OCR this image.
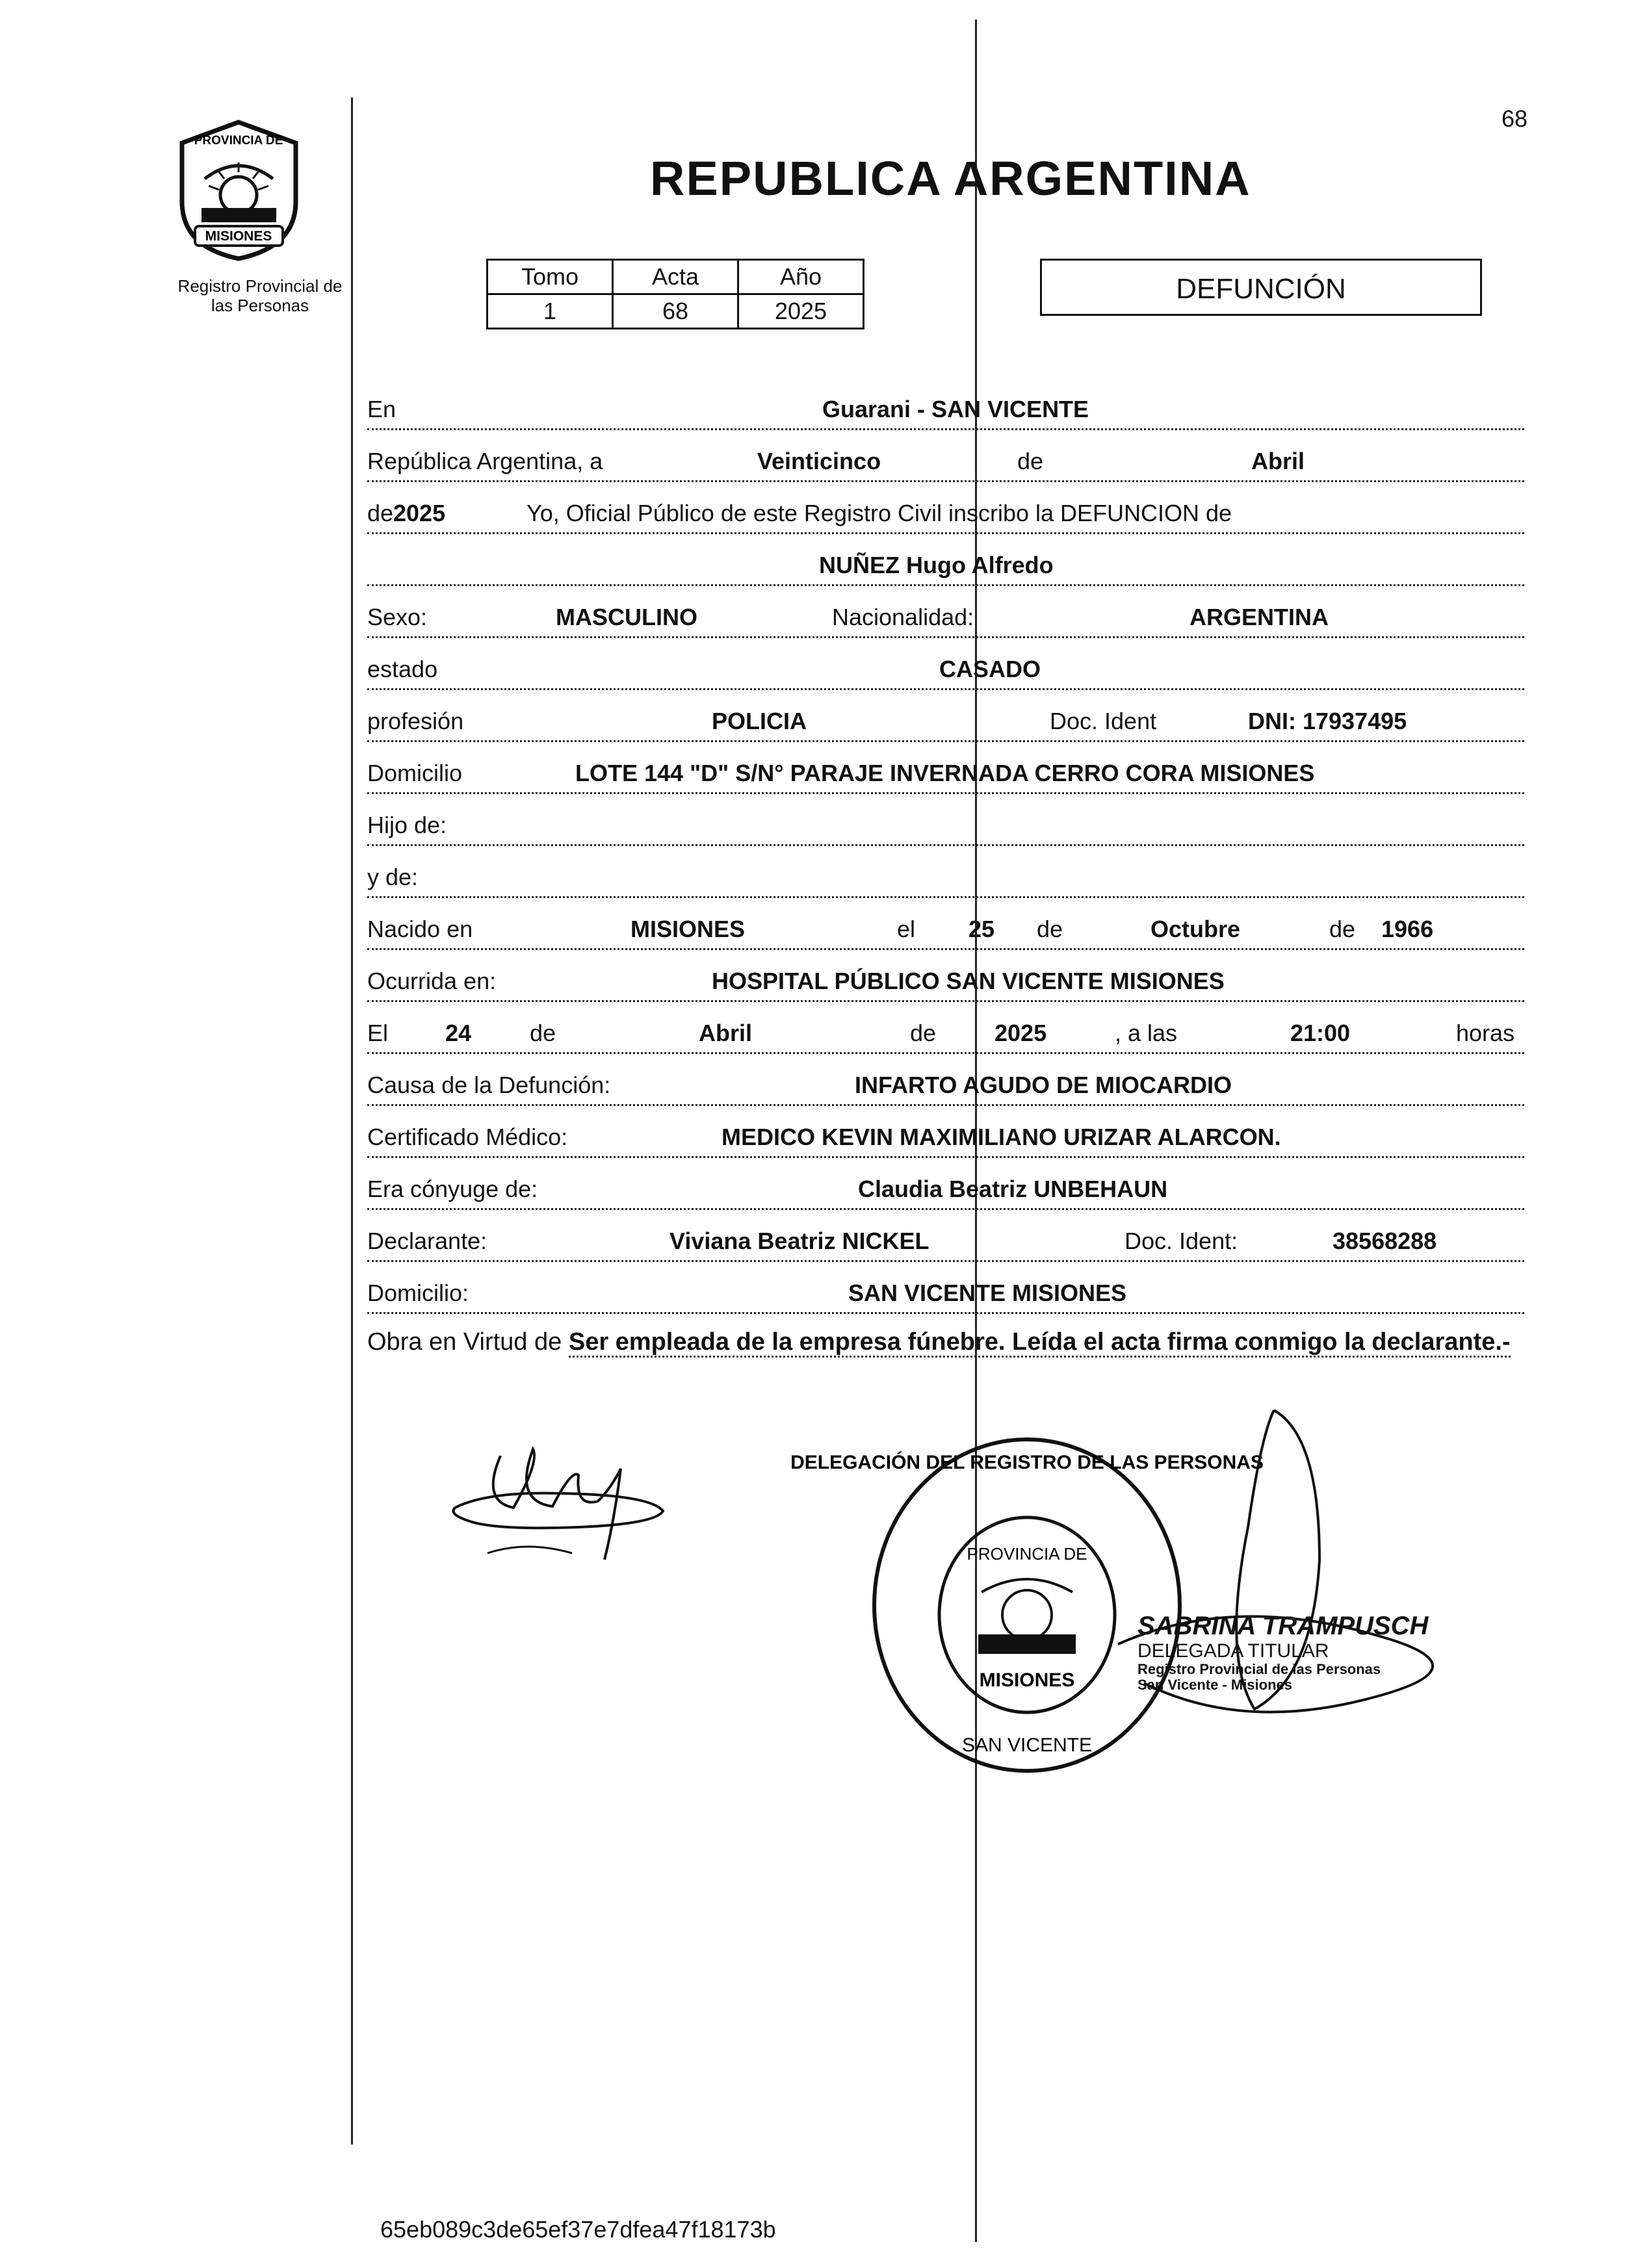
68
PROVINCIA DE
MISIONES
Registro Provincial de
las Personas
REPUBLICA ARGENTINA
Tomo	Acta	Año
1	68	2025
DEFUNCIÓN
En	Guarani - SAN VICENTE
República Argentina, a	Veinticinco	de	Abril
de 2025	Yo, Oficial Público de este Registro Civil inscribo la DEFUNCION de
NUÑEZ Hugo Alfredo
Sexo:	MASCULINO	Nacionalidad:	ARGENTINA
estado	CASADO
profesión	POLICIA	Doc. Ident	DNI: 17937495
Domicilio	LOTE 144 "D" S/N° PARAJE INVERNADA CERRO CORA MISIONES
Hijo de:
y de:
Nacido en	MISIONES	el 25 de	Octubre	de 1966
Ocurrida en:	HOSPITAL PÚBLICO SAN VICENTE MISIONES
El 24 de	Abril	de 2025	, a las	21:00	horas
Causa de la Defunción:	INFARTO AGUDO DE MIOCARDIO
Certificado Médico:	MEDICO KEVIN MAXIMILIANO URIZAR ALARCON.
Era cónyuge de:	Claudia Beatriz UNBEHAUN
Declarante:	Viviana Beatriz NICKEL	Doc. Ident:	38568288
Domicilio:	SAN VICENTE MISIONES
Obra en Virtud de Ser empleada de la empresa fúnebre. Leída el acta firma conmigo la declarante.-
PROVINCIA DE
MISIONES
DELEGACIÓN DEL REGISTRO DE LAS PERSONAS
SAN VICENTE
SABRINA TRAMPUSCH
DELEGADA TITULAR
Registro Provincial de las Personas
San Vicente - Misiones
65eb089c3de65ef37e7dfea47f18173b
